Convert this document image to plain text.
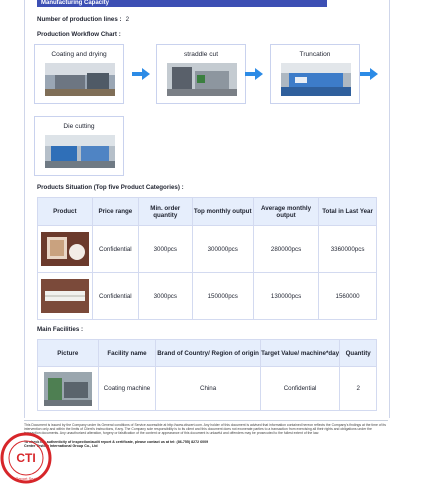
Manufacturing Capacity
Number of production lines : 2
Production Workflow Chart :
Coating and drying	straddle cut	Truncation
Die cutting
Products Situation (Top five Product Categories) :
Product	Price range	Min. order quantity	Top monthly output	Average monthly output	Total in Last Year

	Confidential	3000pcs	300000pcs	280000pcs	3360000pcs

	Confidential	3000pcs	150000pcs	130000pcs	1560000
Main Facilities :
Picture	Facility name	Brand of Country/ Region of origin	Target Value/ machine*day	Quantity

	Coating machine	China	Confidential	2
This Document is issued by the Company under its General conditions of Service accessible at http://www.ctiscert.com. Any holder of this document is advised that information contained hereon reflects the Company's findings at the time of its intervention only and within the limits of Client's instructions, if any. The Company sole responsibility is to its client and this document does not exonerate parties to a transaction from exercising all their rights and obligations under the transaction documents. Any unauthorized alteration, forgery or falsification of the content or appearance of this document is unlawful and offenders may be prosecuted to the fullest extent of the law.
To check the authenticity of inspection/audit report & certificate, please contact us at tel: (86-755) 8272 6009
Centre Testing International Group Co., Ltd
CTI
Report Seal
